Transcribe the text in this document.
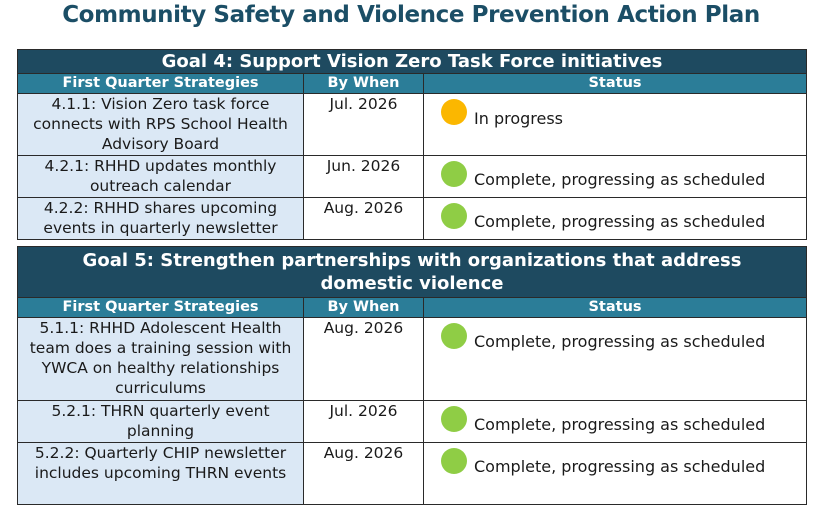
Community Safety and Violence Prevention Action Plan
Goal 4: Support Vision Zero Task Force initiatives		
First Quarter Strategies	By When	Status
4.1.1: Vision Zero task force connects with RPS School Health Advisory Board	Jul. 2026	In progress

4.2.1: RHHD updates monthly outreach calendar	Jun. 2026	Complete, progressing as scheduled

4.2.2: RHHD shares upcoming events in quarterly newsletter	Aug. 2026	Complete, progressing as scheduled
Goal 5: Strengthen partnerships with organizations that address domestic violence		
First Quarter Strategies	By When	Status
5.1.1: RHHD Adolescent Health team does a training session with YWCA on healthy relationships curriculums	Aug. 2026	Complete, progressing as scheduled

5.2.1: THRN quarterly event planning	Jul. 2026	Complete, progressing as scheduled

5.2.2: Quarterly CHIP newsletter includes upcoming THRN events	Aug. 2026	Complete, progressing as scheduled
